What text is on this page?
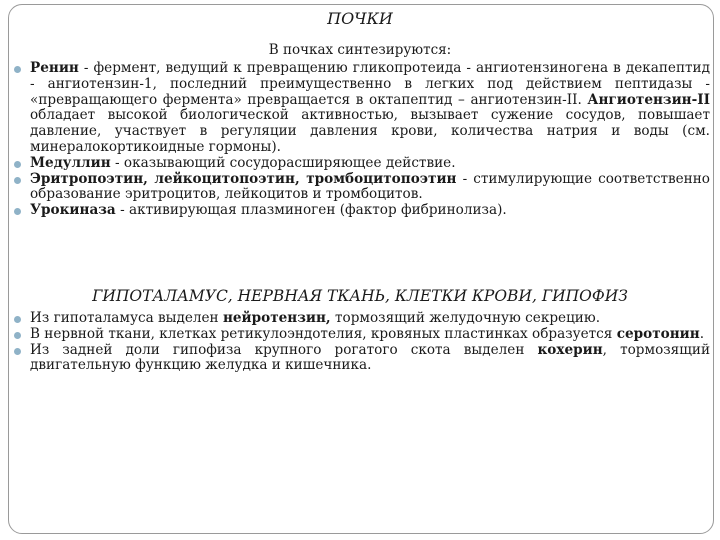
ПОЧКИ
В почках синтезируются:
Ренин - фермент, ведущий к превращению гликопротеида - ангиотензиногена в декапептид - ангиотензин-1, последний преимущественно в легких под действием пептидазы - «превращающего фермента» превращается в октапептид – ангиотензин-II. Ангиотензин-II обладает высокой биологической активностью, вызывает сужение сосудов, повышает давление, участвует в регуляции давления крови, количества натрия и воды (см. минералокортикоидные гормоны).
Медуллин - оказывающий сосудорасширяющее действие.
Эритропоэтин, лейкоцитопоэтин, тромбоцитопоэтин - стимулирующие соответственно образование эритроцитов, лейкоцитов и тромбоцитов.
Урокиназа - активирующая плазминоген (фактор фибринолиза).
ГИПОТАЛАМУС, НЕРВНАЯ ТКАНЬ, КЛЕТКИ КРОВИ, ГИПОФИЗ
Из гипоталамуса выделен нейротензин, тормозящий желудочную секрецию.
В нервной ткани, клетках ретикулоэндотелия, кровяных пластинках образуется серотонин.
Из задней доли гипофиза крупного рогатого скота выделен кохерин, тормозящий двигательную функцию желудка и кишечника.
